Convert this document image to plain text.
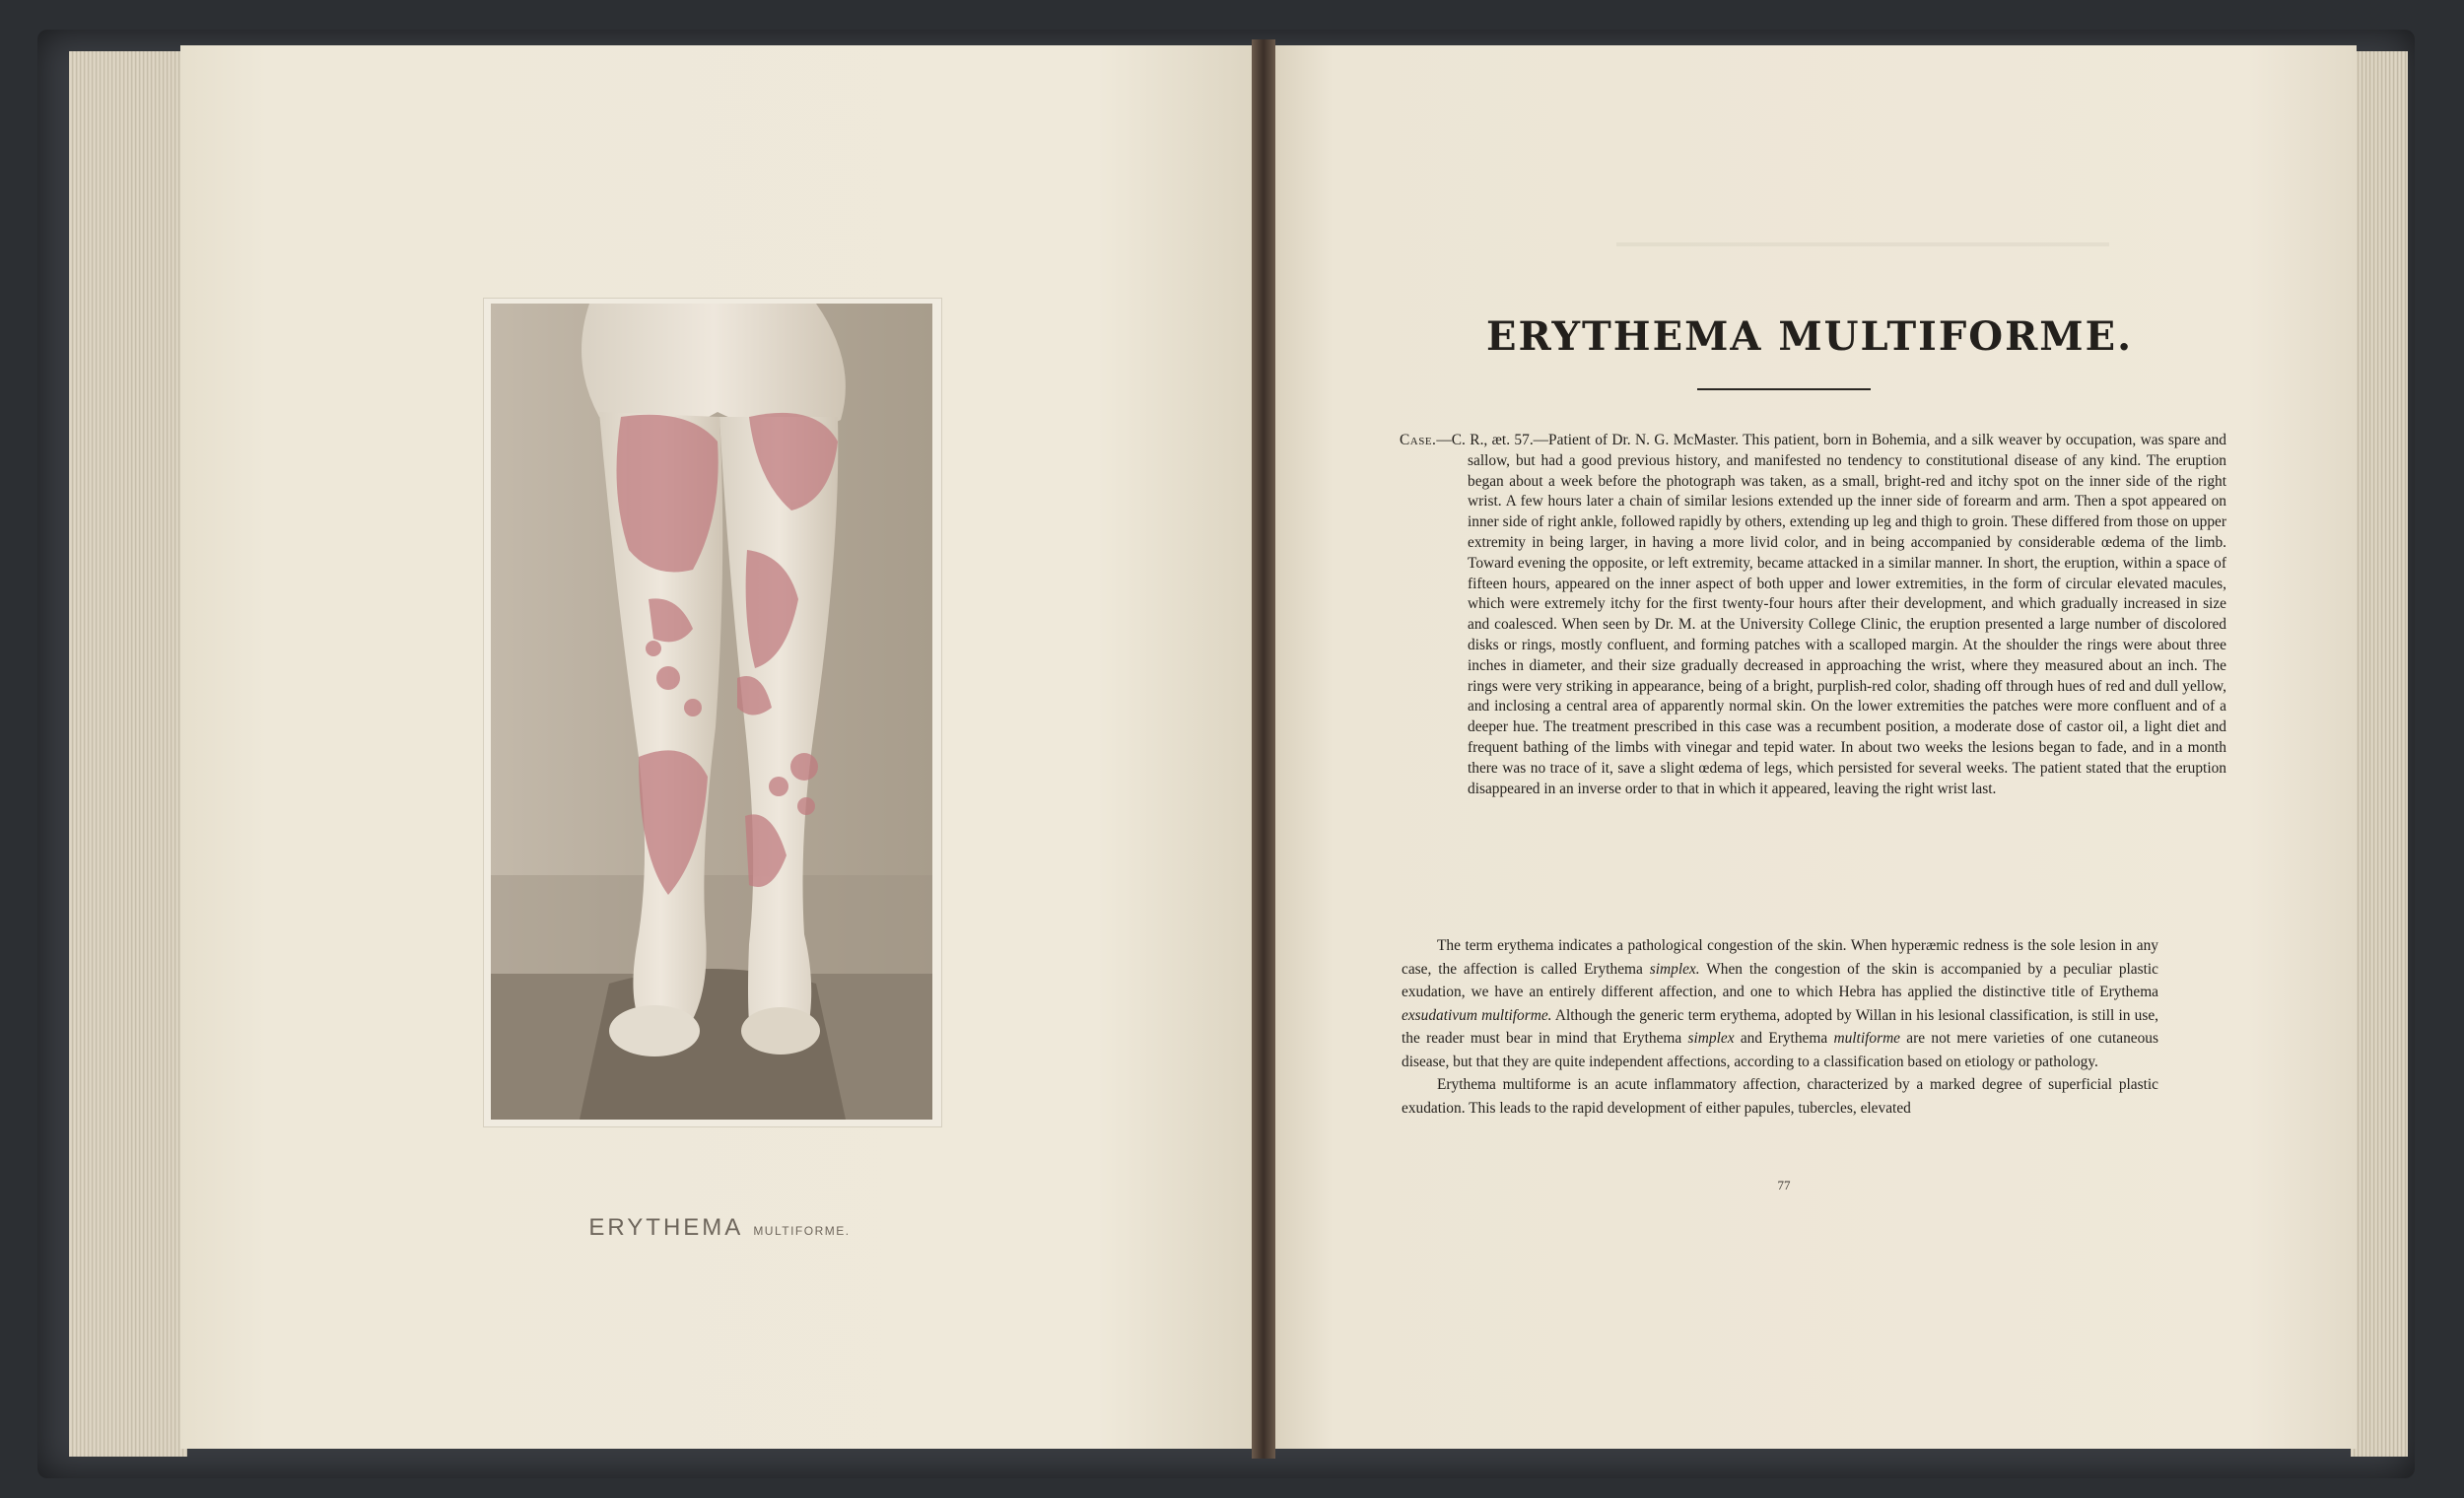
ERYTHEMA MULTIFORME.
ERYTHEMA MULTIFORME.
Case.—C. R., æt. 57.—Patient of Dr. N. G. McMaster. This patient, born in Bohemia, and a silk weaver by occupation, was spare and sallow, but had a good previous history, and manifested no tendency to constitutional disease of any kind. The eruption began about a week before the photograph was taken, as a small, bright-red and itchy spot on the inner side of the right wrist. A few hours later a chain of similar lesions extended up the inner side of forearm and arm. Then a spot appeared on inner side of right ankle, followed rapidly by others, extending up leg and thigh to groin. These differed from those on upper extremity in being larger, in having a more livid color, and in being accompanied by considerable œdema of the limb. Toward evening the opposite, or left extremity, became attacked in a similar manner. In short, the eruption, within a space of fifteen hours, appeared on the inner aspect of both upper and lower extremities, in the form of circular elevated macules, which were extremely itchy for the first twenty-four hours after their development, and which gradually increased in size and coalesced. When seen by Dr. M. at the University College Clinic, the eruption presented a large number of discolored disks or rings, mostly confluent, and forming patches with a scalloped margin. At the shoulder the rings were about three inches in diameter, and their size gradually decreased in approaching the wrist, where they measured about an inch. The rings were very striking in appearance, being of a bright, purplish-red color, shading off through hues of red and dull yellow, and inclosing a central area of apparently normal skin. On the lower extremities the patches were more confluent and of a deeper hue. The treatment prescribed in this case was a recumbent position, a moderate dose of castor oil, a light diet and frequent bathing of the limbs with vinegar and tepid water. In about two weeks the lesions began to fade, and in a month there was no trace of it, save a slight œdema of legs, which persisted for several weeks. The patient stated that the eruption disappeared in an inverse order to that in which it appeared, leaving the right wrist last.

The term erythema indicates a pathological congestion of the skin. When hyperæmic redness is the sole lesion in any case, the affection is called Erythema simplex. When the congestion of the skin is accompanied by a peculiar plastic exudation, we have an entirely different affection, and one to which Hebra has applied the distinctive title of Erythema exsudativum multiforme. Although the generic term erythema, adopted by Willan in his lesional classification, is still in use, the reader must bear in mind that Erythema simplex and Erythema multiforme are not mere varieties of one cutaneous disease, but that they are quite independent affections, according to a classification based on etiology or pathology.

Erythema multiforme is an acute inflammatory affection, characterized by a marked degree of superficial plastic exudation. This leads to the rapid development of either papules, tubercles, elevated

77
